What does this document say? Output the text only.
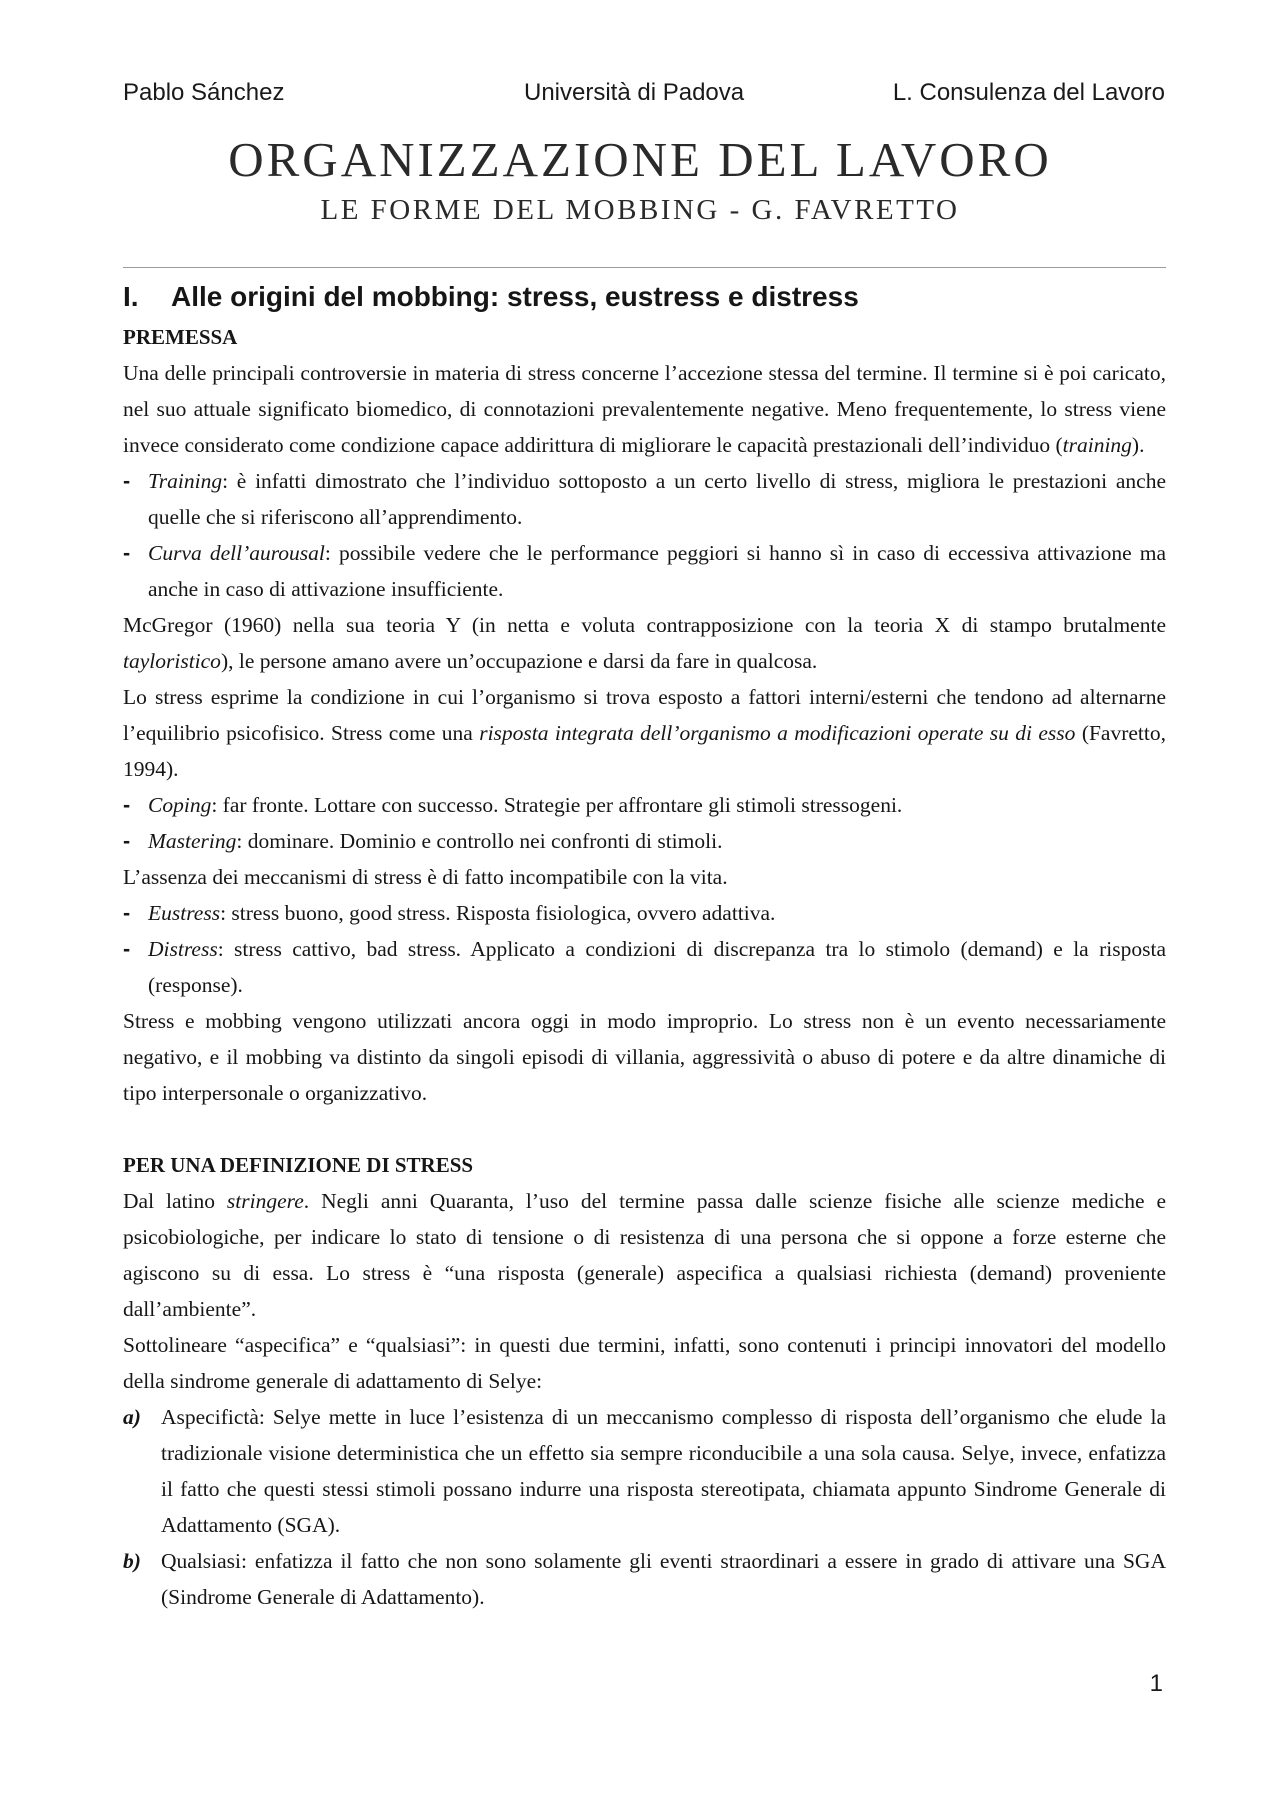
Pablo Sánchez	Università di Padova	L. Consulenza del Lavoro
ORGANIZZAZIONE DEL LAVORO
LE FORME DEL MOBBING - G. FAVRETTO
I. Alle origini del mobbing: stress, eustress e distress
PREMESSA

Una delle principali controversie in materia di stress concerne l’accezione stessa del termine. Il termine si è poi caricato, nel suo attuale significato biomedico, di connotazioni prevalentemente negative. Meno frequentemente, lo stress viene invece considerato come condizione capace addirittura di migliorare le capacità prestazionali dell’individuo (training).

- Training: è infatti dimostrato che l’individuo sottoposto a un certo livello di stress, migliora le prestazioni anche quelle che si riferiscono all’apprendimento.
- Curva dell’aurousal: possibile vedere che le performance peggiori si hanno sì in caso di eccessiva attivazione ma anche in caso di attivazione insufficiente.

McGregor (1960) nella sua teoria Y (in netta e voluta contrapposizione con la teoria X di stampo brutalmente tayloristico), le persone amano avere un’occupazione e darsi da fare in qualcosa.

Lo stress esprime la condizione in cui l’organismo si trova esposto a fattori interni/esterni che tendono ad alternarne l’equilibrio psicofisico. Stress come una risposta integrata dell’organismo a modificazioni operate su di esso (Favretto, 1994).

- Coping: far fronte. Lottare con successo. Strategie per affrontare gli stimoli stressogeni.
- Mastering: dominare. Dominio e controllo nei confronti di stimoli.

L’assenza dei meccanismi di stress è di fatto incompatibile con la vita.

- Eustress: stress buono, good stress. Risposta fisiologica, ovvero adattiva.
- Distress: stress cattivo, bad stress. Applicato a condizioni di discrepanza tra lo stimolo (demand) e la risposta (response).

Stress e mobbing vengono utilizzati ancora oggi in modo improprio. Lo stress non è un evento necessariamente negativo, e il mobbing va distinto da singoli episodi di villania, aggressività o abuso di potere e da altre dinamiche di tipo interpersonale o organizzativo.

PER UNA DEFINIZIONE DI STRESS

Dal latino stringere. Negli anni Quaranta, l’uso del termine passa dalle scienze fisiche alle scienze mediche e psicobiologiche, per indicare lo stato di tensione o di resistenza di una persona che si oppone a forze esterne che agiscono su di essa. Lo stress è “una risposta (generale) aspecifica a qualsiasi richiesta (demand) proveniente dall’ambiente”.

Sottolineare “aspecifica” e “qualsiasi”: in questi due termini, infatti, sono contenuti i principi innovatori del modello della sindrome generale di adattamento di Selye:

a) Aspecifictà: Selye mette in luce l’esistenza di un meccanismo complesso di risposta dell’organismo che elude la tradizionale visione deterministica che un effetto sia sempre riconducibile a una sola causa. Selye, invece, enfatizza il fatto che questi stessi stimoli possano indurre una risposta stereotipata, chiamata appunto Sindrome Generale di Adattamento (SGA).
b) Qualsiasi: enfatizza il fatto che non sono solamente gli eventi straordinari a essere in grado di attivare una SGA (Sindrome Generale di Adattamento).
1
